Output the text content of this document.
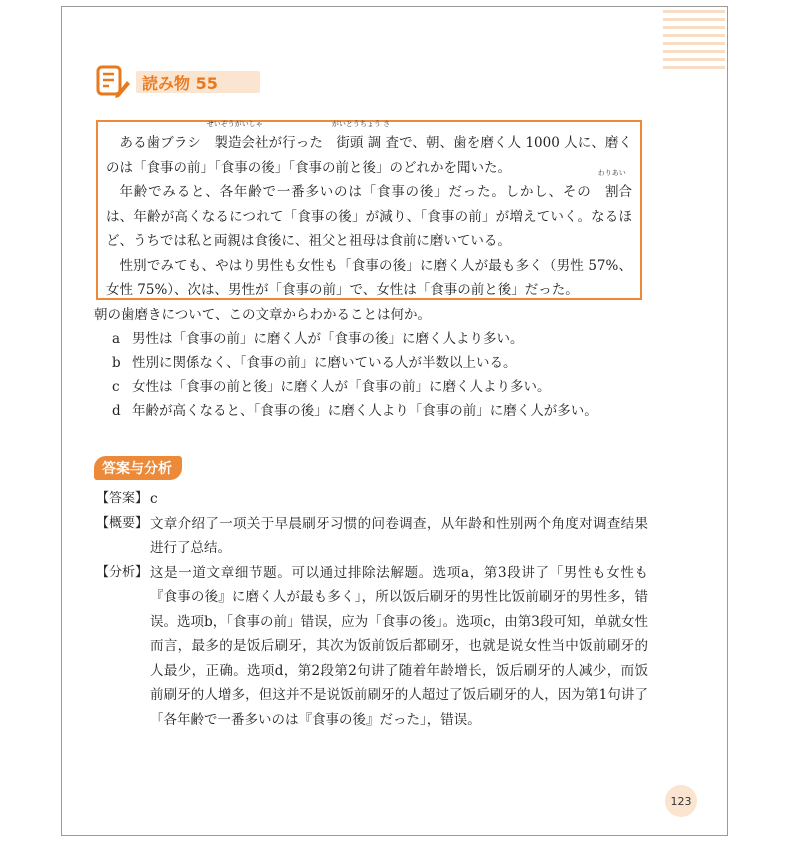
読み物 55

ある歯ブラシ
せいぞうがいしゃ
製造会社が行った
がいとうちょう さ
街頭 調 査で、朝、歯を磨く人 1000 人に、磨くのは「食事の前」「食事の後」「食事の前と後」のどれかを聞いた。

年齢でみると、各年齢で一番多いのは「食事の後」だった。しかし、その
わりあい
割合は、年齢が高くなるにつれて「食事の後」が減り、「食事の前」が増えていく。なるほど、うちでは私と両親は食後に、祖父と祖母は食前に磨いている。

性別でみても、やはり男性も女性も「食事の後」に磨く人が最も多く（男性 57%、女性 75%）、次は、男性が「食事の前」で、女性は「食事の前と後」だった。

朝の歯磨きについて、この文章からわかることは何か。

a 男性は「食事の前」に磨く人が「食事の後」に磨く人より多い。
b 性別に関係なく、「食事の前」に磨いている人が半数以上いる。
c 女性は「食事の前と後」に磨く人が「食事の前」に磨く人より多い。
d 年齢が高くなると、「食事の後」に磨く人より「食事の前」に磨く人が多い。
答案与分析
【答案】 c
【概要】 文章介绍了一项关于早晨刷牙习惯的问卷调查，从年龄和性别两个角度对调查结果进行了总结。
【分析】 这是一道文章细节题。可以通过排除法解题。选项a，第3段讲了「男性も女性も『食事の後』に磨く人が最も多く」，所以饭后刷牙的男性比饭前刷牙的男性多，错误。选项b，「食事の前」错误，应为「食事の後」。选项c，由第3段可知，单就女性而言，最多的是饭后刷牙，其次为饭前饭后都刷牙，也就是说女性当中饭前刷牙的人最少，正确。选项d，第2段第2句讲了随着年龄增长，饭后刷牙的人减少，而饭前刷牙的人增多，但这并不是说饭前刷牙的人超过了饭后刷牙的人，因为第1句讲了「各年齢で一番多いのは『食事の後』だった」，错误。
123
